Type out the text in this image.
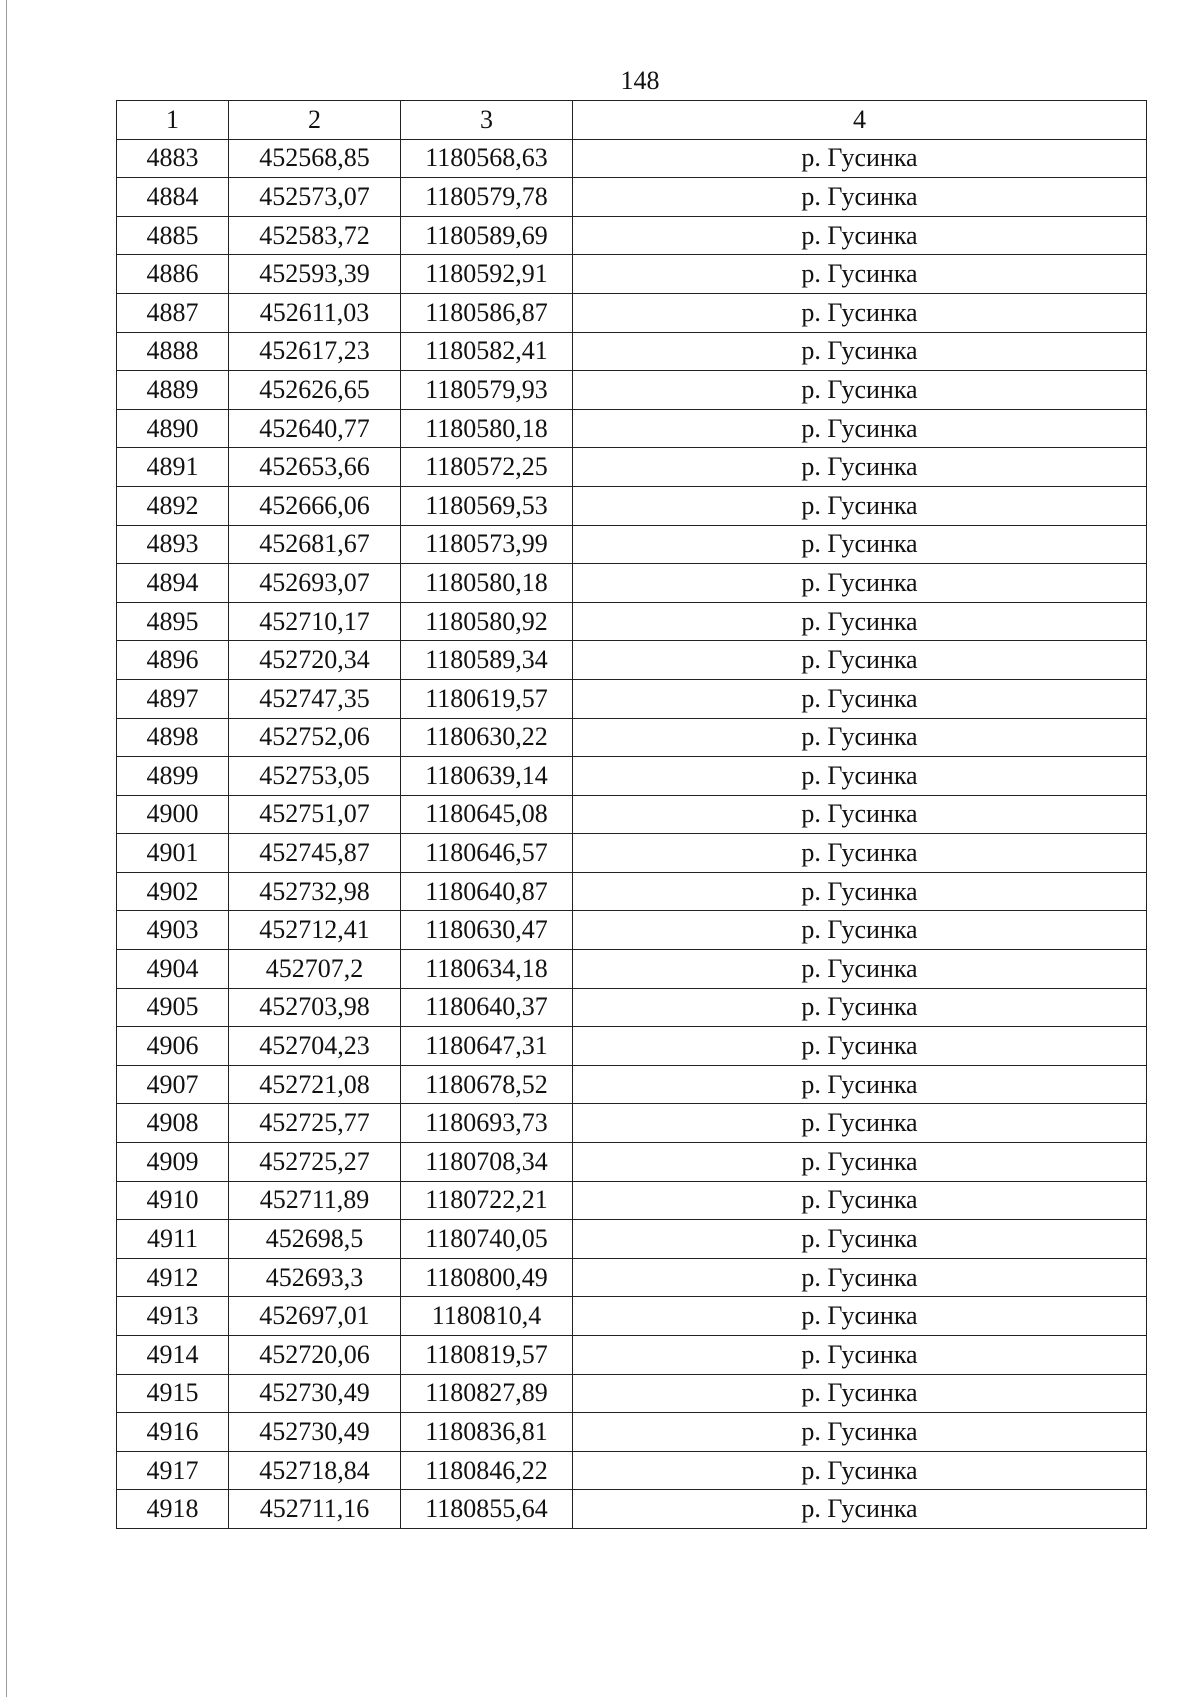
148
1	2	3	4
4883	452568,85	1180568,63	р. Гусинка
4884	452573,07	1180579,78	р. Гусинка
4885	452583,72	1180589,69	р. Гусинка
4886	452593,39	1180592,91	р. Гусинка
4887	452611,03	1180586,87	р. Гусинка
4888	452617,23	1180582,41	р. Гусинка
4889	452626,65	1180579,93	р. Гусинка
4890	452640,77	1180580,18	р. Гусинка
4891	452653,66	1180572,25	р. Гусинка
4892	452666,06	1180569,53	р. Гусинка
4893	452681,67	1180573,99	р. Гусинка
4894	452693,07	1180580,18	р. Гусинка
4895	452710,17	1180580,92	р. Гусинка
4896	452720,34	1180589,34	р. Гусинка
4897	452747,35	1180619,57	р. Гусинка
4898	452752,06	1180630,22	р. Гусинка
4899	452753,05	1180639,14	р. Гусинка
4900	452751,07	1180645,08	р. Гусинка
4901	452745,87	1180646,57	р. Гусинка
4902	452732,98	1180640,87	р. Гусинка
4903	452712,41	1180630,47	р. Гусинка
4904	452707,2	1180634,18	р. Гусинка
4905	452703,98	1180640,37	р. Гусинка
4906	452704,23	1180647,31	р. Гусинка
4907	452721,08	1180678,52	р. Гусинка
4908	452725,77	1180693,73	р. Гусинка
4909	452725,27	1180708,34	р. Гусинка
4910	452711,89	1180722,21	р. Гусинка
4911	452698,5	1180740,05	р. Гусинка
4912	452693,3	1180800,49	р. Гусинка
4913	452697,01	1180810,4	р. Гусинка
4914	452720,06	1180819,57	р. Гусинка
4915	452730,49	1180827,89	р. Гусинка
4916	452730,49	1180836,81	р. Гусинка
4917	452718,84	1180846,22	р. Гусинка
4918	452711,16	1180855,64	р. Гусинка
